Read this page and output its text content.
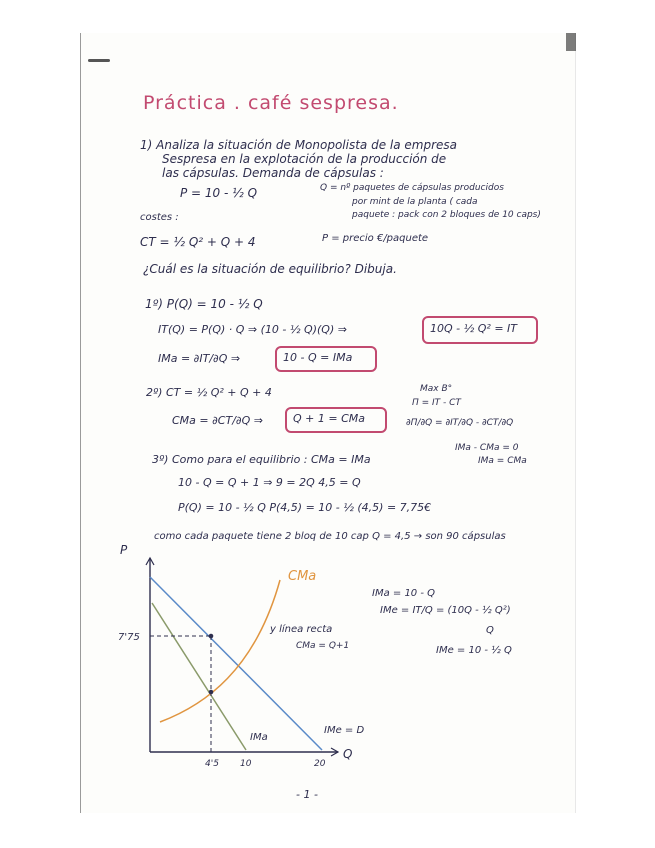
Práctica . café sespresa.
1) Analiza la situación de Monopolista de la empresa
Sespresa en la explotación de la producción de
las cápsulas. Demanda de cápsulas :
P = 10 - ½ Q	Q = nº paquetes de cápsulas producidos
por mint de la planta ( cada
paquete : pack con 2 bloques de 10 caps)
costes :
CT = ½ Q² + Q + 4	P = precio €/paquete
¿Cuál es la situación de equilibrio? Dibuja.
1º) P(Q) = 10 - ½ Q
IT(Q) = P(Q) · Q ⇒ (10 - ½ Q)(Q) ⇒	10Q - ½ Q² = IT
IMa = ∂IT/∂Q ⇒	10 - Q = IMa
2º) CT = ½ Q² + Q + 4
CMa = ∂CT/∂Q ⇒	Q + 1 = CMa
Max B°
Π = IT - CT
∂Π/∂Q = ∂IT/∂Q - ∂CT/∂Q
IMa - CMa = 0
IMa = CMa
3º) Como para el equilibrio : CMa = IMa
10 - Q = Q + 1 ⇒ 9 = 2Q 4,5 = Q
P(Q) = 10 - ½ Q P(4,5) = 10 - ½ (4,5) = 7,75€
como cada paquete tiene 2 bloq de 10 cap Q = 4,5 → son 90 cápsulas
P
Q
7'75
4'5 10	20
CMa
IMa
IMe = D
y línea recta
CMa = Q+1
IMa = 10 - Q
IMe = IT/Q = (10Q - ½ Q²)
Q
IMe = 10 - ½ Q
- 1 -
